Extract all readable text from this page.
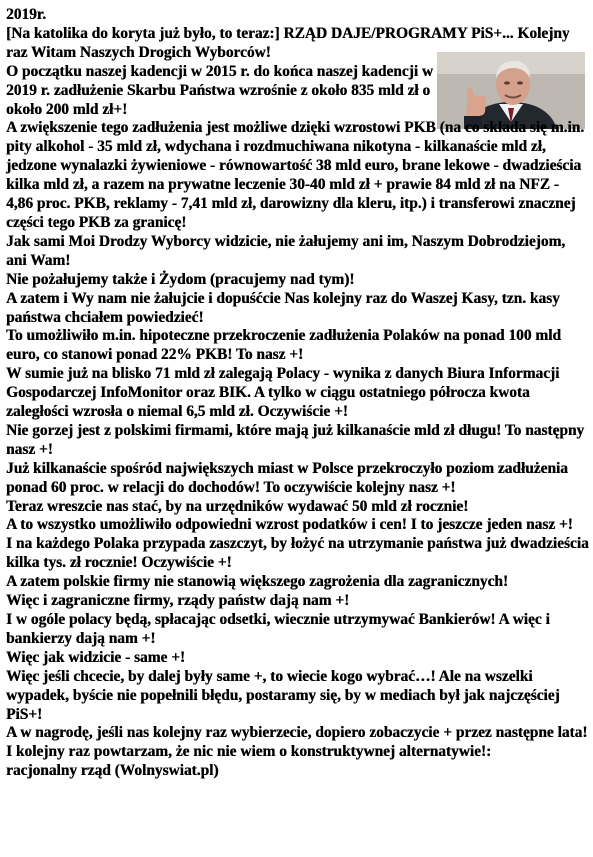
2019r.

[Na katolika do koryta już było, to teraz:] RZĄD DAJE/PROGRAMY PiS+... Kolejny raz Witam Naszych Drogich Wyborców!

O początku naszej kadencji w 2015 r. do końca naszej kadencji w 2019 r. zadłużenie Skarbu Państwa wzrośnie z około 835 mld zł o około 200 mld zł+!

A zwiększenie tego zadłużenia jest możliwe dzięki wzrostowi PKB (na co składa się m.in. pity alkohol - 35 mld zł, wdychana i rozdmuchiwana nikotyna - kilkanaście mld zł, jedzone wynalazki żywieniowe - równowartość 38 mld euro, brane lekowe - dwadzieścia kilka mld zł, a razem na prywatne leczenie 30-40 mld zł + prawie 84 mld zł na NFZ - 4,86 proc. PKB, reklamy - 7,41 mld zł, darowizny dla kleru, itp.) i transferowi znacznej części tego PKB za granicę!

Jak sami Moi Drodzy Wyborcy widzicie, nie żałujemy ani im, Naszym Dobrodziejom, ani Wam!

Nie pożałujemy także i Żydom (pracujemy nad tym)!

A zatem i Wy nam nie żałujcie i dopuśćcie Nas kolejny raz do Waszej Kasy, tzn. kasy państwa chciałem powiedzieć!

To umożliwiło m.in. hipoteczne przekroczenie zadłużenia Polaków na ponad 100 mld euro, co stanowi ponad 22% PKB! To nasz +!

W sumie już na blisko 71 mld zł zalegają Polacy - wynika z danych Biura Informacji Gospodarczej InfoMonitor oraz BIK. A tylko w ciągu ostatniego półrocza kwota zaległości wzrosła o niemal 6,5 mld zł. Oczywiście +!

Nie gorzej jest z polskimi firmami, które mają już kilkanaście mld zł długu! To następny nasz +!

Już kilkanaście spośród największych miast w Polsce przekroczyło poziom zadłużenia ponad 60 proc. w relacji do dochodów! To oczywiście kolejny nasz +!

Teraz wreszcie nas stać, by na urzędników wydawać 50 mld zł rocznie!

A to wszystko umożliwiło odpowiedni wzrost podatków i cen! I to jeszcze jeden nasz +!

I na każdego Polaka przypada zaszczyt, by łożyć na utrzymanie państwa już dwadzieścia kilka tys. zł rocznie! Oczywiście +!

A zatem polskie firmy nie stanowią większego zagrożenia dla zagranicznych!

Więc i zagraniczne firmy, rządy państw dają nam +!

I w ogóle polacy będą, spłacając odsetki, wiecznie utrzymywać Bankierów! A więc i bankierzy dają nam +!

Więc jak widzicie - same +!

Więc jeśli chcecie, by dalej były same +, to wiecie kogo wybrać…! Ale na wszelki wypadek, byście nie popełnili błędu, postaramy się, by w mediach był jak najczęściej PiS+!

A w nagrodę, jeśli nas kolejny raz wybierzecie, dopiero zobaczycie + przez następne lata!

I kolejny raz powtarzam, że nic nie wiem o konstruktywnej alternatywie!:

racjonalny rząd (Wolnyswiat.pl)
